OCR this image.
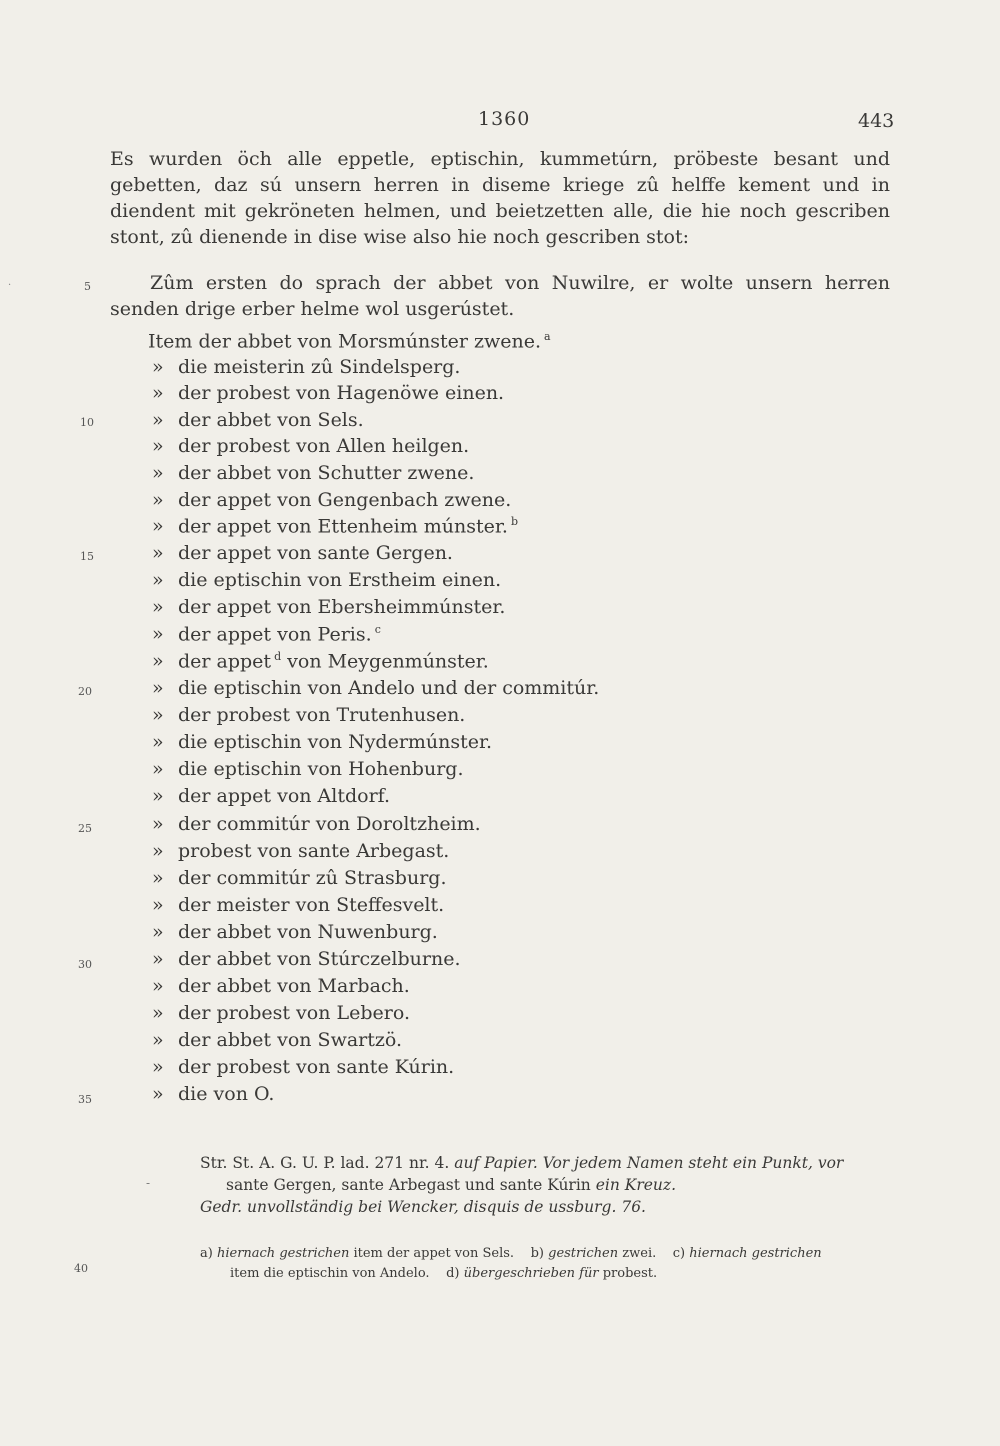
1360	443
Es wurden öch alle eppetle, eptischin, kummetúrn, pröbeste besant und gebetten, daz sú unsern herren in diseme kriege zû helffe kement und in diendent mit gekröneten helmen, und beietzetten alle, die hie noch gescriben stont, zû dienende in dise wise also hie noch gescriben stot:
Zûm ersten do sprach der abbet von Nuwilre, er wolte unsern herren senden drige erber helme wol usgerústet.
·	5
10
15
20
25
30
35
40
Item der abbet von Morsmúnster zwene. $^a$
» die meisterin zû Sindelsperg.
» der probest von Hagenöwe einen.
» der abbet von Sels.
» der probest von Allen heilgen.
» der abbet von Schutter zwene.
» der appet von Gengenbach zwene.
» der appet von Ettenheim múnster. $^b$
» der appet von sante Gergen.
» die eptischin von Erstheim einen.
» der appet von Ebersheimmúnster.
» der appet von Peris. $^c$
» der appet $^d$ von Meygenmúnster.
» die eptischin von Andelo und der commitúr.
» der probest von Trutenhusen.
» die eptischin von Nydermúnster.
» die eptischin von Hohenburg.
» der appet von Altdorf.
» der commitúr von Doroltzheim.
» probest von sante Arbegast.
» der commitúr zû Strasburg.
» der meister von Steffesvelt.
» der abbet von Nuwenburg.
» der abbet von Stúrczelburne.
» der abbet von Marbach.
» der probest von Lebero.
» der abbet von Swartzö.
» der probest von sante Kúrin.
» die von O.
‑
Str. St. A. G. U. P. lad. 271 nr. 4. auf Papier. Vor jedem Namen steht ein Punkt, vor
sante Gergen, sante Arbegast und sante Kúrin ein Kreuz.
Gedr. unvollständig bei Wencker, disquis de ussburg. 76.
a) hiernach gestrichen item der appet von Sels. b) gestrichen zwei. c) hiernach gestrichen
item die eptischin von Andelo. d) übergeschrieben für probest.
